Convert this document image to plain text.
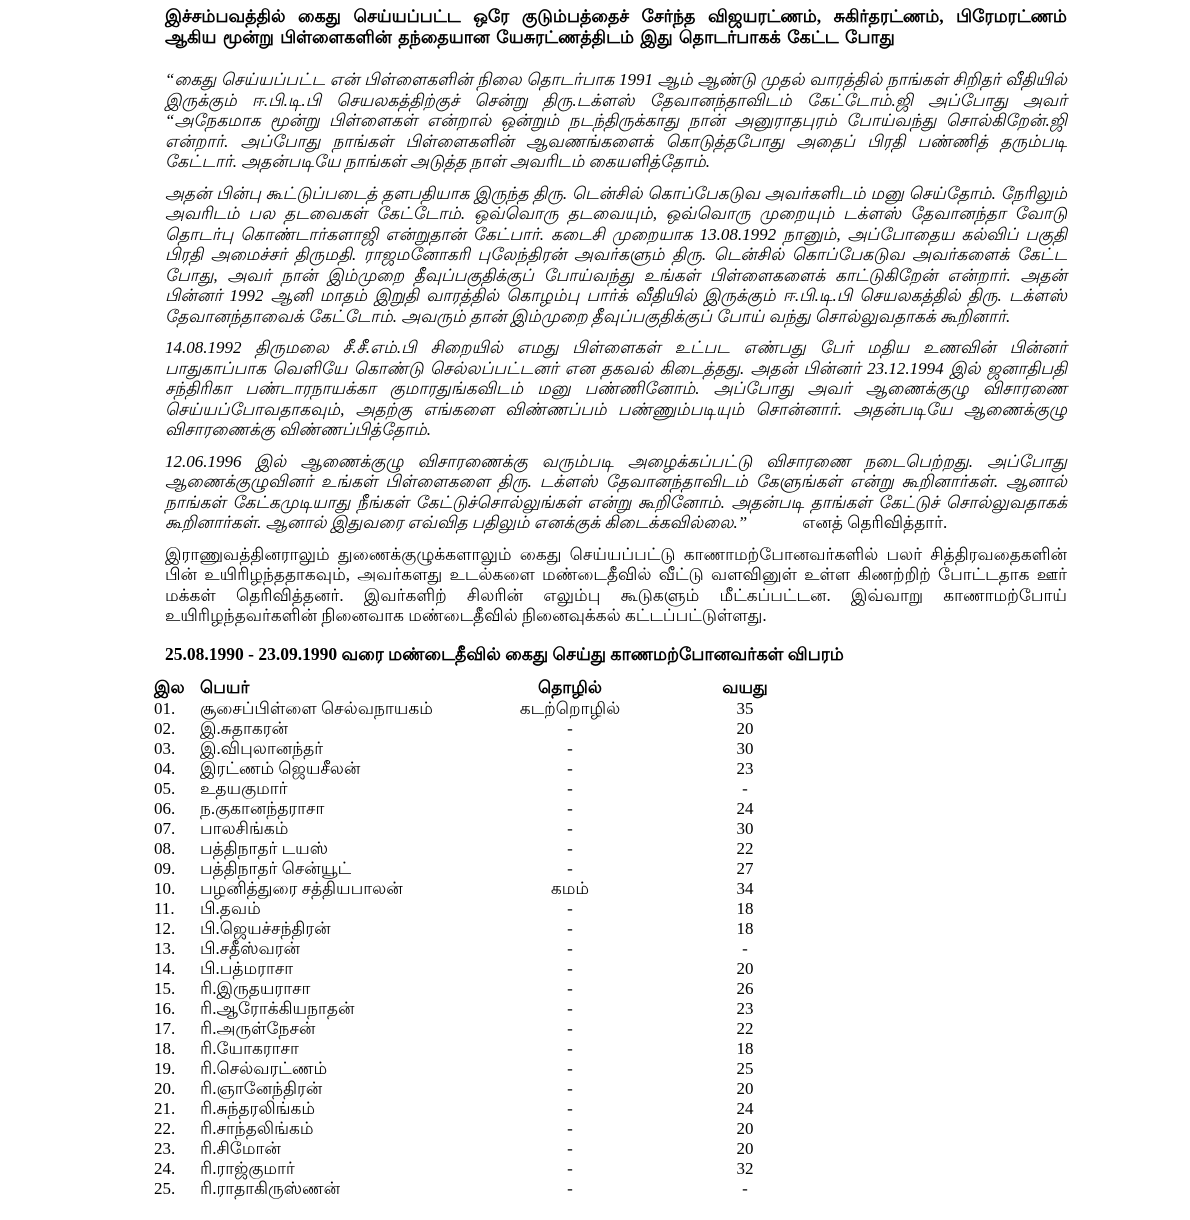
இச்சம்பவத்தில் கைது செய்யப்பட்ட ஒரே குடும்பத்தைச் சேர்ந்த விஜயரட்ணம், சுகிர்தரட்ணம், பிரேமரட்ணம் ஆகிய மூன்று பிள்ளைகளின் தந்தையான யேசுரட்ணத்திடம் இது தொடர்பாகக் கேட்ட போது

“கைது செய்யப்பட்ட என் பிள்ளைகளின் நிலை தொடர்பாக 1991 ஆம் ஆண்டு முதல் வாரத்தில் நாங்கள் சிறிதர் வீதியில் இருக்கும் ஈ.பி.டி.பி செயலகத்திற்குச் சென்று திரு.டக்ளஸ் தேவானந்தாவிடம் கேட்டோம்.ஜி அப்போது அவர் “அநேகமாக மூன்று பிள்ளைகள் என்றால் ஒன்றும் நடந்திருக்காது நான் அனுராதபுரம் போய்வந்து சொல்கிறேன்.ஜி என்றார். அப்போது நாங்கள் பிள்ளைகளின் ஆவணங்களைக் கொடுத்தபோது அதைப் பிரதி பண்ணித் தரும்படி கேட்டார். அதன்படியே நாங்கள் அடுத்த நாள் அவரிடம் கையளித்தோம்.

அதன் பின்பு கூட்டுப்படைத் தளபதியாக இருந்த திரு. டென்சில் கொப்பேகடுவ அவர்களிடம் மனு செய்தோம். நேரிலும் அவரிடம் பல தடவைகள் கேட்டோம். ஒவ்வொரு தடவையும், ஒவ்வொரு முறையும் டக்ளஸ் தேவானந்தா வோடு தொடர்பு கொண்டார்களாஜி என்றுதான் கேட்பார். கடைசி முறையாக 13.08.1992 நானும், அப்போதைய கல்விப் பகுதி பிரதி அமைச்சர் திருமதி. ராஜமனோகரி புலேந்திரன் அவர்களும் திரு. டென்சில் கொப்பேகடுவ அவர்களைக் கேட்ட போது, அவர் நான் இம்முறை தீவுப்பகுதிக்குப் போய்வந்து உங்கள் பிள்ளைகளைக் காட்டுகிறேன் என்றார். அதன் பின்னர் 1992 ஆனி மாதம் இறுதி வாரத்தில் கொழம்பு பார்க் வீதியில் இருக்கும் ஈ.பி.டி.பி செயலகத்தில் திரு. டக்ளஸ் தேவானந்தாவைக் கேட்டோம். அவரும் தான் இம்முறை தீவுப்பகுதிக்குப் போய் வந்து சொல்லுவதாகக் கூறினார்.

14.08.1992 திருமலை சீ.சீ.எம்.பி சிறையில் எமது பிள்ளைகள் உட்பட எண்பது பேர் மதிய உணவின் பின்னர் பாதுகாப்பாக வெளியே கொண்டு செல்லப்பட்டனர் என தகவல் கிடைத்தது. அதன் பின்னர் 23.12.1994 இல் ஜனாதிபதி சந்திரிகா பண்டாரநாயக்கா குமாரதுங்கவிடம் மனு பண்ணினோம். அப்போது அவர் ஆணைக்குழு விசாரணை செய்யப்போவதாகவும், அதற்கு எங்களை விண்ணப்பம் பண்ணும்படியும் சொன்னார். அதன்படியே ஆணைக்குழு விசாரணைக்கு விண்ணப்பித்தோம்.

12.06.1996 இல் ஆணைக்குழு விசாரணைக்கு வரும்படி அழைக்கப்பட்டு விசாரணை நடைபெற்றது. அப்போது ஆணைக்குழுவினர் உங்கள் பிள்ளைகளை திரு. டக்ளஸ் தேவானந்தாவிடம் கேளுங்கள் என்று கூறினார்கள். ஆனால் நாங்கள் கேட்கமுடியாது நீங்கள் கேட்டுச்சொல்லுங்கள் என்று கூறினோம். அதன்படி தாங்கள் கேட்டுச் சொல்லுவதாகக் கூறினார்கள். ஆனால் இதுவரை எவ்வித பதிலும் எனக்குக் கிடைக்கவில்லை.”	எனத் தெரிவித்தார்.

இராணுவத்தினராலும் துணைக்குழுக்களாலும் கைது செய்யப்பட்டு காணாமற்போனவர்களில் பலர் சித்திரவதைகளின் பின் உயிரிழந்ததாகவும், அவர்களது உடல்களை மண்டைதீவில் வீட்டு வளவினுள் உள்ள கிணற்றிற் போட்டதாக ஊர் மக்கள் தெரிவித்தனர். இவர்களிற் சிலரின் எலும்பு கூடுகளும் மீட்கப்பட்டன. இவ்வாறு காணாமற்போய் உயிரிழந்தவர்களின் நினைவாக மண்டைதீவில் நினைவுக்கல் கட்டப்பட்டுள்ளது.

25.08.1990 - 23.09.1990 வரை மண்டைதீவில் கைது செய்து காணமற்போனவர்கள் விபரம்
இல பெயர்	தொழில்	வயது
01.	சூசைப்பிள்ளை செல்வநாயகம்	கடற்றொழில்	35
02.	இ.சுதாகரன்	-	20
03.	இ.விபுலானந்தர்	-	30
04.	இரட்ணம் ஜெயசீலன்	-	23
05.	உதயகுமார்	-	-
06.	ந.குகானந்தராசா	-	24
07.	பாலசிங்கம்	-	30
08.	பத்திநாதர் டயஸ்	-	22
09.	பத்திநாதர் சென்யூட்	-	27
10.	பழனித்துரை சத்தியபாலன்	கமம்	34
11.	பி.தவம்	-	18
12.	பி.ஜெயச்சந்திரன்	-	18
13.	பி.சதீஸ்வரன்	-	-
14.	பி.பத்மராசா	-	20
15.	ரி.இருதயராசா	-	26
16.	ரி.ஆரோக்கியநாதன்	-	23
17.	ரி.அருள்நேசன்	-	22
18.	ரி.யோகராசா	-	18
19.	ரி.செல்வரட்ணம்	-	25
20.	ரி.ஞானேந்திரன்	-	20
21.	ரி.சுந்தரலிங்கம்	-	24
22.	ரி.சாந்தலிங்கம்	-	20
23.	ரி.சிமோன்	-	20
24.	ரி.ராஜ்குமார்	-	32
25.	ரி.ராதாகிருஸ்ணன்	-	-
